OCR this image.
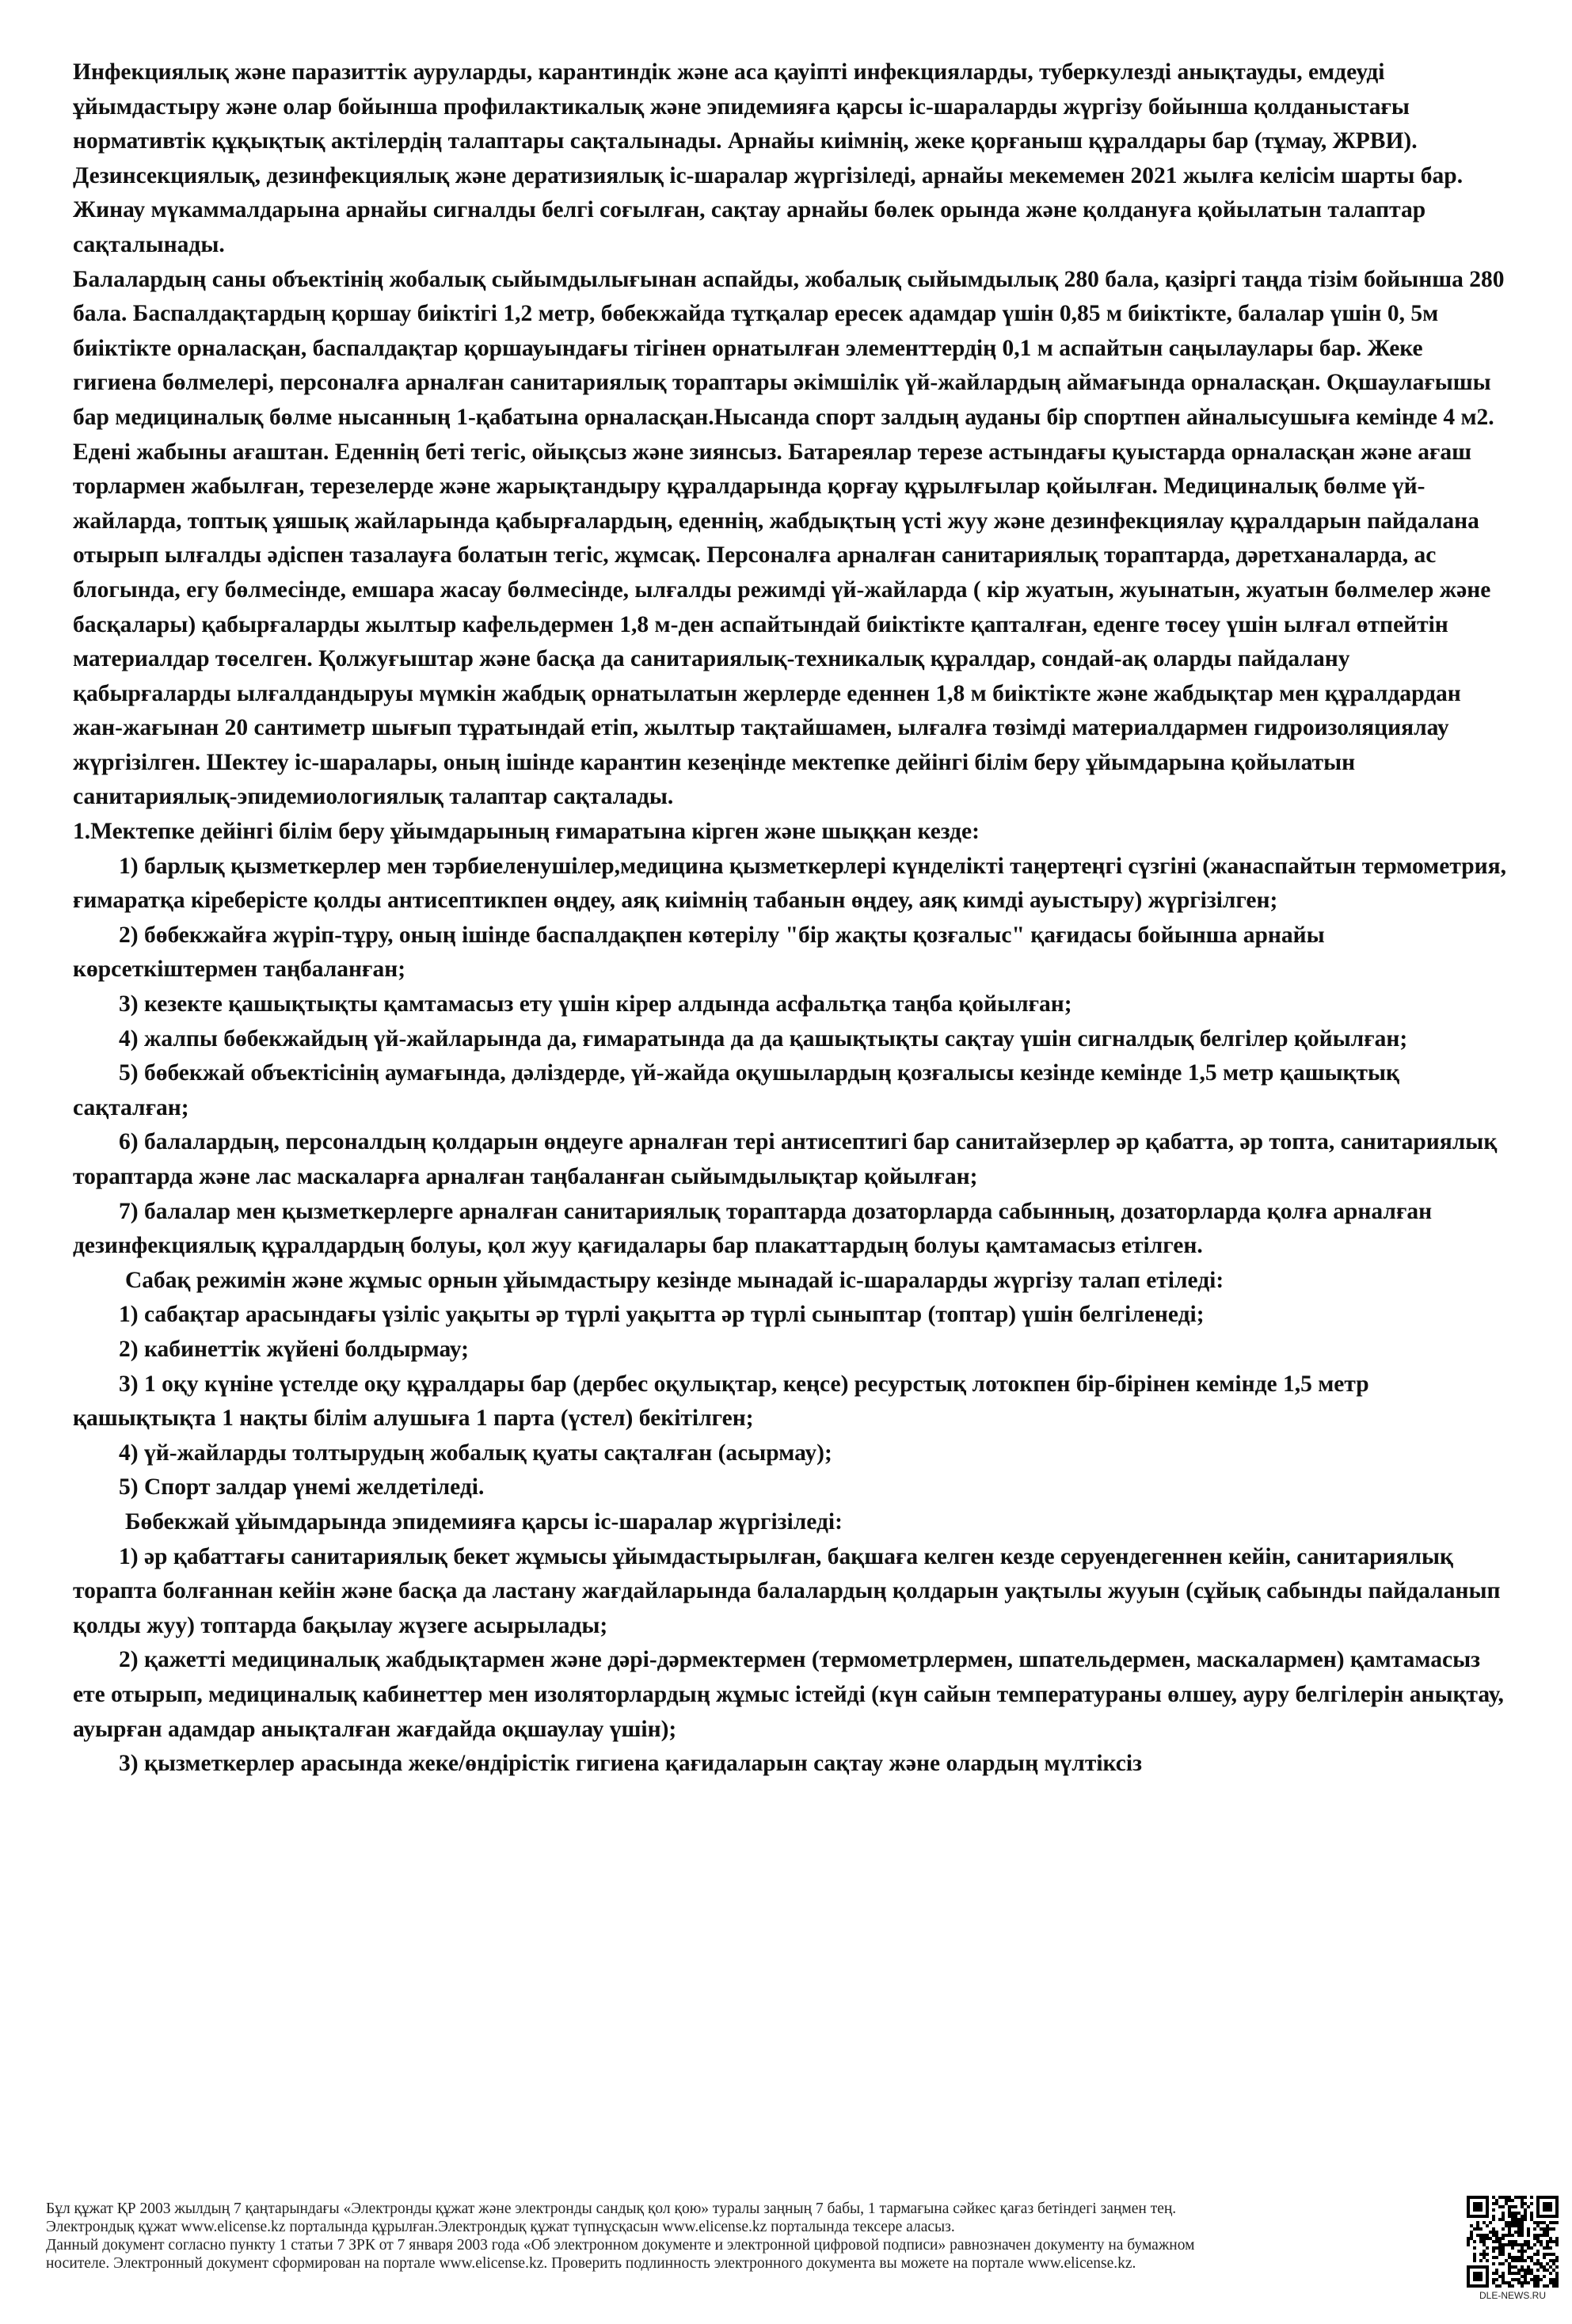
Инфекциялық және паразиттік ауруларды, карантиндік және аса қауіпті инфекцияларды, туберкулезді анықтауды, емдеуді ұйымдастыру және олар бойынша профилактикалық және эпидемияға қарсы іс-шараларды жүргізу бойынша қолданыстағы нормативтік құқықтық актілердің талаптары сақталынады. Арнайы киімнің, жеке қорғаныш құралдары бар (тұмау, ЖРВИ). Дезинсекциялық, дезинфекциялық және дератизиялық іс-шаралар жүргізіледі, арнайы мекемемен 2021 жылға келісім шарты бар. Жинау мүкаммалдарына арнайы сигналды белгі соғылған, сақтау арнайы бөлек орында және қолдануға қойылатын талаптар сақталынады.

Балалардың саны объектінің жобалық сыйымдылығынан аспайды, жобалық сыйымдылық 280 бала, қазіргі таңда тізім бойынша 280 бала. Баспалдақтардың қоршау биіктігі 1,2 метр, бөбекжайда тұтқалар ересек адамдар үшін 0,85 м биіктікте, балалар үшін 0, 5м биіктікте орналасқан, баспалдақтар қоршауындағы тігінен орнатылған элементтердің 0,1 м аспайтын саңылаулары бар. Жеке гигиена бөлмелері, персоналға арналған санитариялық тораптары әкімшілік үй-жайлардың аймағында орналасқан. Оқшаулағышы бар медициналық бөлме нысанның 1-қабатына орналасқан.Нысанда спорт залдың ауданы бір спортпен айналысушыға кемінде 4 м2. Едені жабыны ағаштан. Еденнің беті тегіс, ойықсыз және зиянсыз. Батареялар терезе астындағы қуыстарда орналасқан және ағаш торлармен жабылған, терезелерде және жарықтандыру құралдарында қорғау құрылғылар қойылған. Медициналық бөлме үй-жайларда, топтық ұяшық жайларында қабырғалардың, еденнің, жабдықтың үсті жуу және дезинфекциялау құралдарын пайдалана отырып ылғалды әдіспен тазалауға болатын тегіс, жұмсақ. Персоналға арналған санитариялық тораптарда, дәретханаларда, ас блогында, егу бөлмесінде, емшара жасау бөлмесінде, ылғалды режимді үй-жайларда ( кір жуатын, жуынатын, жуатын бөлмелер және басқалары) қабырғаларды жылтыр кафельдермен 1,8 м-ден аспайтындай биіктікте қапталған, еденге төсеу үшін ылғал өтпейтін материалдар төселген. Қолжуғыштар және басқа да санитариялық-техникалық құралдар, сондай-ақ оларды пайдалану қабырғаларды ылғалдандыруы мүмкін жабдық орнатылатын жерлерде еденнен 1,8 м биіктікте және жабдықтар мен құралдардан жан-жағынан 20 сантиметр шығып тұратындай етіп, жылтыр тақтайшамен, ылғалға төзімді материалдармен гидроизоляциялау жүргізілген. Шектеу іс-шаралары, оның ішінде карантин кезеңінде мектепке дейінгі білім беру ұйымдарына қойылатын санитариялық-эпидемиологиялық талаптар сақталады.

1.Мектепке дейінгі білім беру ұйымдарының ғимаратына кірген және шыққан кезде:

1) барлық қызметкерлер мен тәрбиеленушілер,медицина қызметкерлері күнделікті таңертеңгі сүзгіні (жанаспайтын термометрия, ғимаратқа кіреберісте қолды антисептикпен өңдеу, аяқ киімнің табанын өңдеу, аяқ кимді ауыстыру) жүргізілген;

2) бөбекжайға жүріп-тұру, оның ішінде баспалдақпен көтерілу "бір жақты қозғалыс" қағидасы бойынша арнайы көрсеткіштермен таңбаланған;

3) кезекте қашықтықты қамтамасыз ету үшін кірер алдында асфальтқа таңба қойылған;

4) жалпы бөбекжайдың үй-жайларында да, ғимаратында да да қашықтықты сақтау үшін сигналдық белгілер қойылған;

5) бөбекжай объектісінің аумағында, дәліздерде, үй-жайда оқушылардың қозғалысы кезінде кемінде 1,5 метр қашықтық сақталған;

6) балалардың, персоналдың қолдарын өңдеуге арналған тері антисептигі бар санитайзерлер әр қабатта, әр топта, санитариялық тораптарда және лас маскаларға арналған таңбаланған сыйымдылықтар қойылған;

7) балалар мен қызметкерлерге арналған санитариялық тораптарда дозаторларда сабынның, дозаторларда қолға арналған дезинфекциялық құралдардың болуы, қол жуу қағидалары бар плакаттардың болуы қамтамасыз етілген.

Сабақ режимін және жұмыс орнын ұйымдастыру кезінде мынадай іс-шараларды жүргізу талап етіледі:

1) сабақтар арасындағы үзіліс уақыты әр түрлі уақытта әр түрлі сыныптар (топтар) үшін белгіленеді;

2) кабинеттік жүйені болдырмау;

3) 1 оқу күніне үстелде оқу құралдары бар (дербес оқулықтар, кеңсе) ресурстық лотокпен бір-бірінен кемінде 1,5 метр қашықтықта 1 нақты білім алушыға 1 парта (үстел) бекітілген;

4) үй-жайларды толтырудың жобалық қуаты сақталған (асырмау);

5) Спорт залдар үнемі желдетіледі.

Бөбекжай ұйымдарында эпидемияға қарсы іс-шаралар жүргізіледі:

1) әр қабаттағы санитариялық бекет жұмысы ұйымдастырылған, бақшаға келген кезде серуендегеннен кейін, санитариялық торапта болғаннан кейін және басқа да ластану жағдайларында балалардың қолдарын уақтылы жууын (сұйық сабынды пайдаланып қолды жуу) топтарда бақылау жүзеге асырылады;

2) қажетті медициналық жабдықтармен және дәрі-дәрмектермен (термометрлермен, шпательдермен, маскалармен) қамтамасыз ете отырып, медициналық кабинеттер мен изоляторлардың жұмыс істейді (күн сайын температураны өлшеу, ауру белгілерін анықтау, ауырған адамдар анықталған жағдайда оқшаулау үшін);

3) қызметкерлер арасында жеке/өндірістік гигиена қағидаларын сақтау және олардың мүлтіксіз

Бұл құжат ҚР 2003 жылдың 7 қаңтарындағы «Электронды құжат және электронды сандық қол қою» туралы заңның 7 бабы, 1 тармағына сәйкес қағаз бетіндегі заңмен тең.
Электрондық құжат www.elicense.kz порталында құрылған.Электрондық құжат түпнұсқасын www.elicense.kz порталында тексере аласыз.
Данный документ согласно пункту 1 статьи 7 ЗРК от 7 января 2003 года «Об электронном документе и электронной цифровой подписи» равнозначен документу на бумажном
носителе. Электронный документ сформирован на портале www.elicense.kz. Проверить подлинность электронного документа вы можете на портале www.elicense.kz.
DLE-NEWS.RU
